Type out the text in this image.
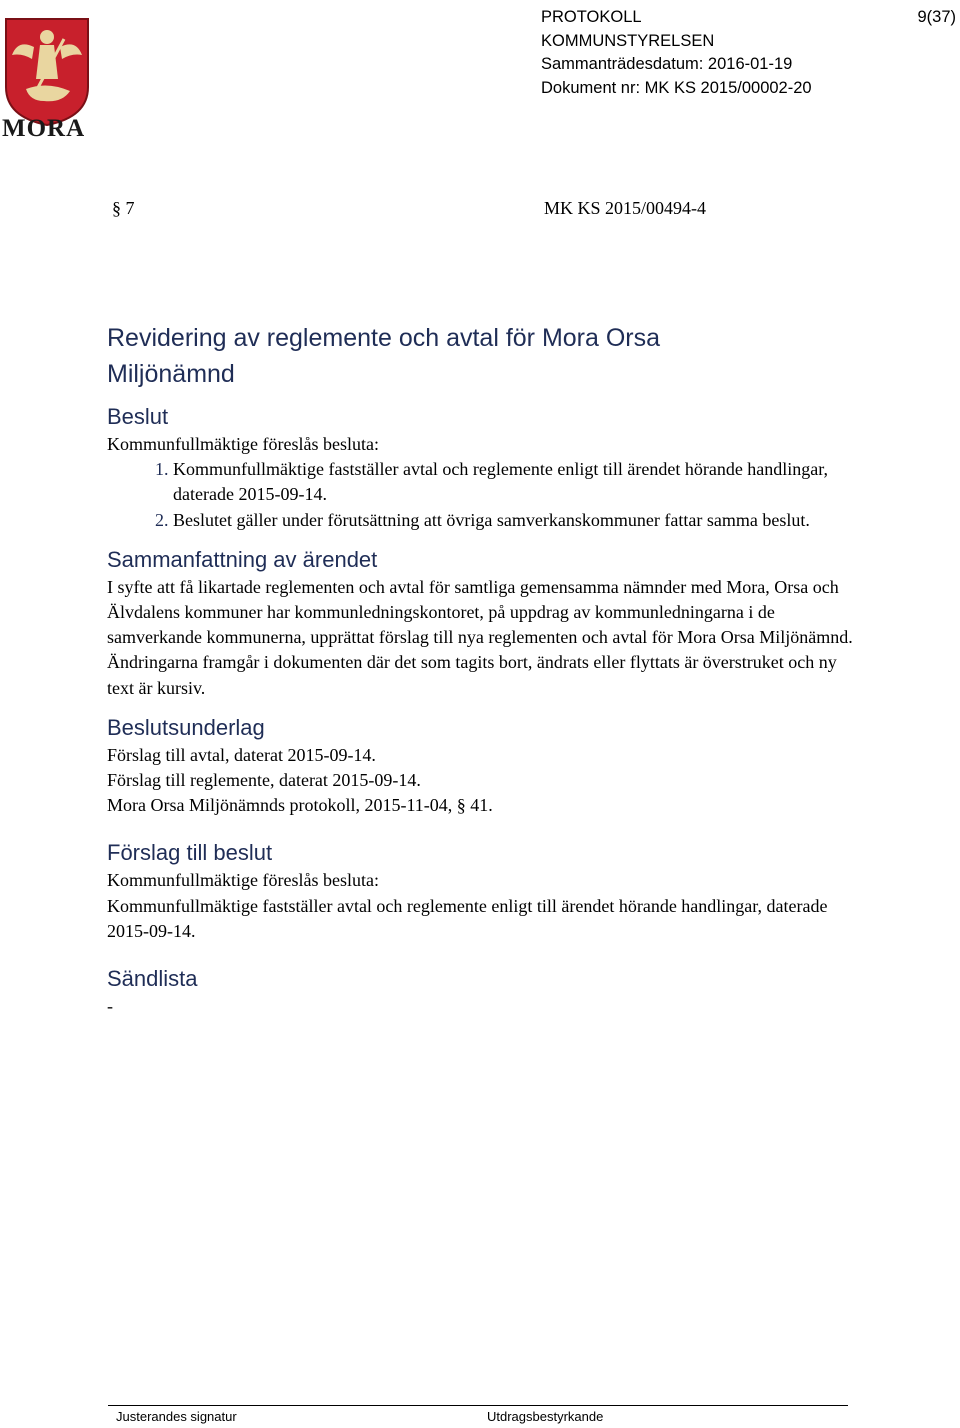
MORA
PROTOKOLL
KOMMUNSTYRELSEN
Sammanträdesdatum: 2016-01-19
Dokument nr: MK KS 2015/00002-20
9(37)
§ 7	MK KS 2015/00494-4
Revidering av reglemente och avtal för Mora Orsa Miljönämnd
Beslut

Kommunfullmäktige föreslås besluta:

1. Kommunfullmäktige fastställer avtal och reglemente enligt till ärendet hörande handlingar, daterade 2015-09-14.
2. Beslutet gäller under förutsättning att övriga samverkanskommuner fattar samma beslut.
Sammanfattning av ärendet

I syfte att få likartade reglementen och avtal för samtliga gemensamma nämnder med Mora, Orsa och Älvdalens kommuner har kommunledningskontoret, på uppdrag av kommunledningarna i de samverkande kommunerna, upprättat förslag till nya reglementen och avtal för Mora Orsa Miljönämnd. Ändringarna framgår i dokumenten där det som tagits bort, ändrats eller flyttats är överstruket och ny text är kursiv.

Beslutsunderlag

Förslag till avtal, daterat 2015-09-14.

Förslag till reglemente, daterat 2015-09-14.

Mora Orsa Miljönämnds protokoll, 2015-11-04, § 41.

Förslag till beslut

Kommunfullmäktige föreslås besluta:

Kommunfullmäktige fastställer avtal och reglemente enligt till ärendet hörande handlingar, daterade 2015-09-14.

Sändlista

-

Justerandes signatur	Utdragsbestyrkande
